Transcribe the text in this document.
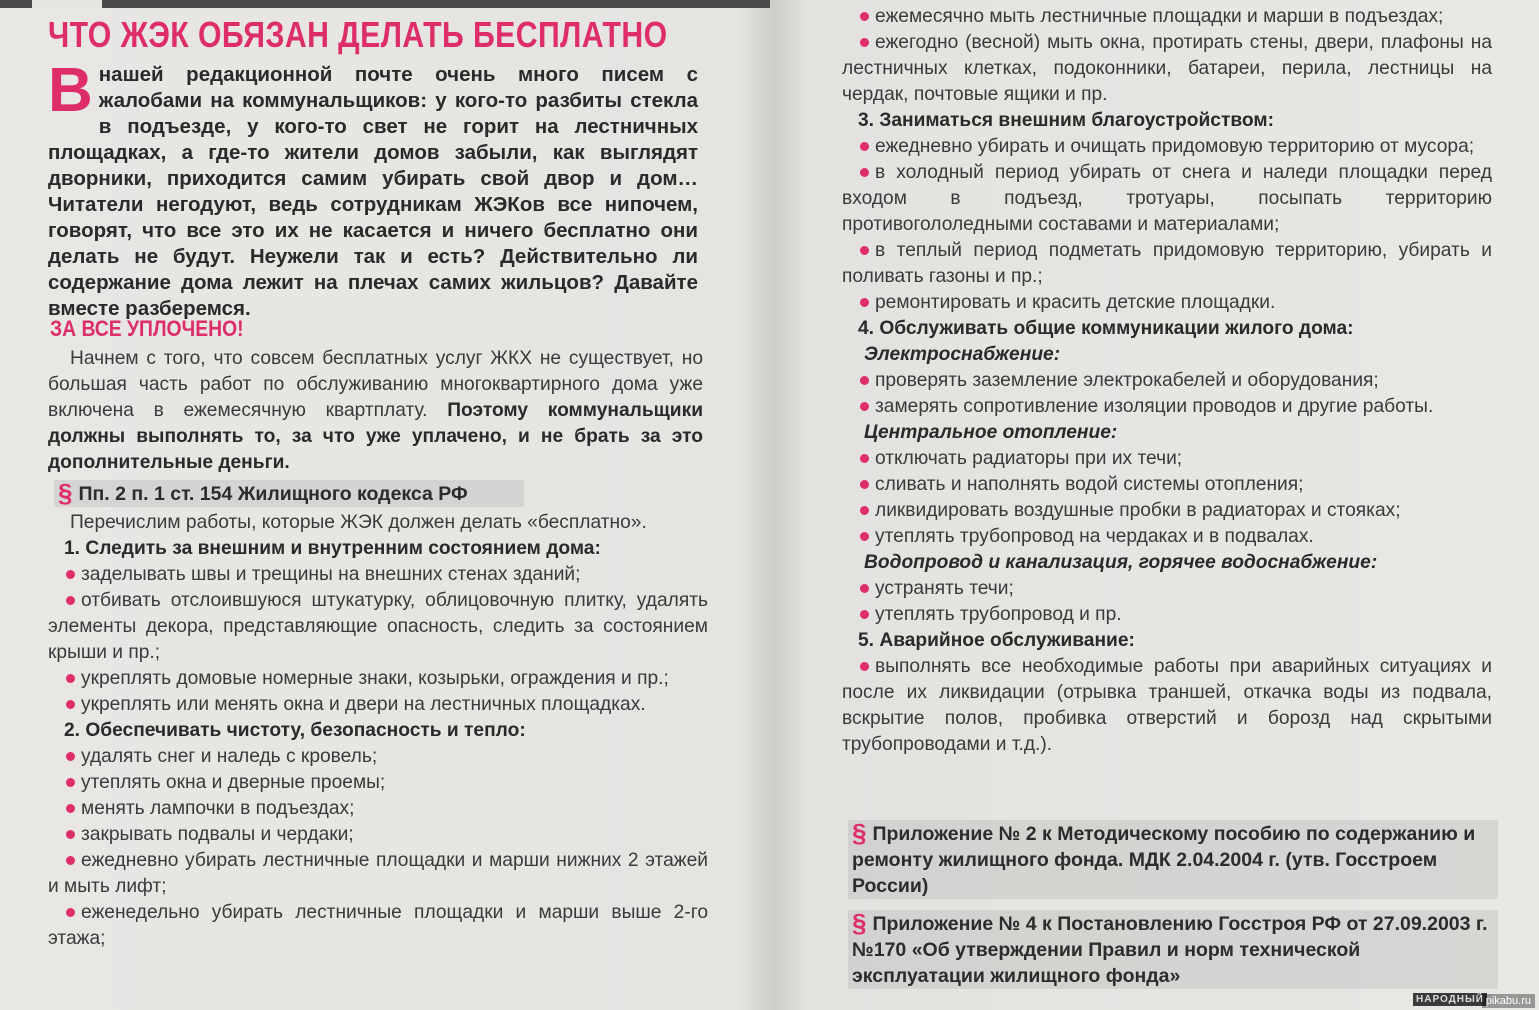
ЧТО ЖЭК ОБЯЗАН ДЕЛАТЬ БЕСПЛАТНО
Внашей редакционной почте очень много писем с жалобами на коммунальщиков: у кого-то разбиты стекла в подъезде, у кого-то свет не горит на лестничных площадках, а где-то жители домов забыли, как выглядят дворники, приходится самим убирать свой двор и дом… Читатели негодуют, ведь сотрудникам ЖЭКов все нипочем, говорят, что все это их не касается и ничего бесплатно они делать не будут. Неужели так и есть? Действительно ли содержание дома лежит на плечах самих жильцов? Давайте вместе разберемся.
ЗА ВСЕ УПЛОЧЕНО!

Начнем с того, что совсем бесплатных услуг ЖКХ не существует, но большая часть работ по обслуживанию многоквартирного дома уже включена в ежемесячную квартплату. Поэтому коммунальщики должны выполнять то, за что уже уплачено, и не брать за это дополнительные деньги.

§ Пп. 2 п. 1 ст. 154 Жилищного кодекса РФ

Перечислим работы, которые ЖЭК должен делать «бесплатно».

1. Следить за внешним и внутренним состоянием дома:

заделывать швы и трещины на внешних стенах зданий;

отбивать отслоившуюся штукатурку, облицовочную плитку, удалять элементы декора, представляющие опасность, следить за состоянием крыши и пр.;

укреплять домовые номерные знаки, козырьки, ограждения и пр.;

укреплять или менять окна и двери на лестничных площадках.

2. Обеспечивать чистоту, безопасность и тепло:

удалять снег и наледь с кровель;

утеплять окна и дверные проемы;

менять лампочки в подъездах;

закрывать подвалы и чердаки;

ежедневно убирать лестничные площадки и марши нижних 2 этажей и мыть лифт;

еженедельно убирать лестничные площадки и марши выше 2-го этажа;

ежемесячно мыть лестничные площадки и марши в подъездах;

ежегодно (весной) мыть окна, протирать стены, двери, плафоны на лестничных клетках, подоконники, батареи, перила, лестницы на чердак, почтовые ящики и пр.

3. Заниматься внешним благоустройством:

ежедневно убирать и очищать придомовую территорию от мусора;

в холодный период убирать от снега и наледи площадки перед входом в подъезд, тротуары, посыпать территорию противогололедными составами и материалами;

в теплый период подметать придомовую территорию, убирать и поливать газоны и пр.;

ремонтировать и красить детские площадки.

4. Обслуживать общие коммуникации жилого дома:
Электроснабжение:

проверять заземление электрокабелей и оборудования;

замерять сопротивление изоляции проводов и другие работы.

Центральное отопление:

отключать радиаторы при их течи;

сливать и наполнять водой системы отопления;

ликвидировать воздушные пробки в радиаторах и стояках;

утеплять трубопровод на чердаках и в подвалах.

Водопровод и канализация, горячее водоснабжение:

устранять течи;

утеплять трубопровод и пр.

5. Аварийное обслуживание:

выполнять все необходимые работы при аварийных ситуациях и после их ликвидации (отрывка траншей, откачка воды из подвала, вскрытие полов, пробивка отверстий и борозд над скрытыми трубопроводами и т.д.).

§ Приложение № 2 к Методическому пособию по содержанию и ремонту жилищного фонда. МДК 2.04.2004 г. (утв. Госстроем России)
§ Приложение № 4 к Постановлению Госстроя РФ от 27.09.2003 г. №170 «Об утверждении Правил и норм технической эксплуатации жилищного фонда»
НАРОДНЫЙ pikabu.ru
